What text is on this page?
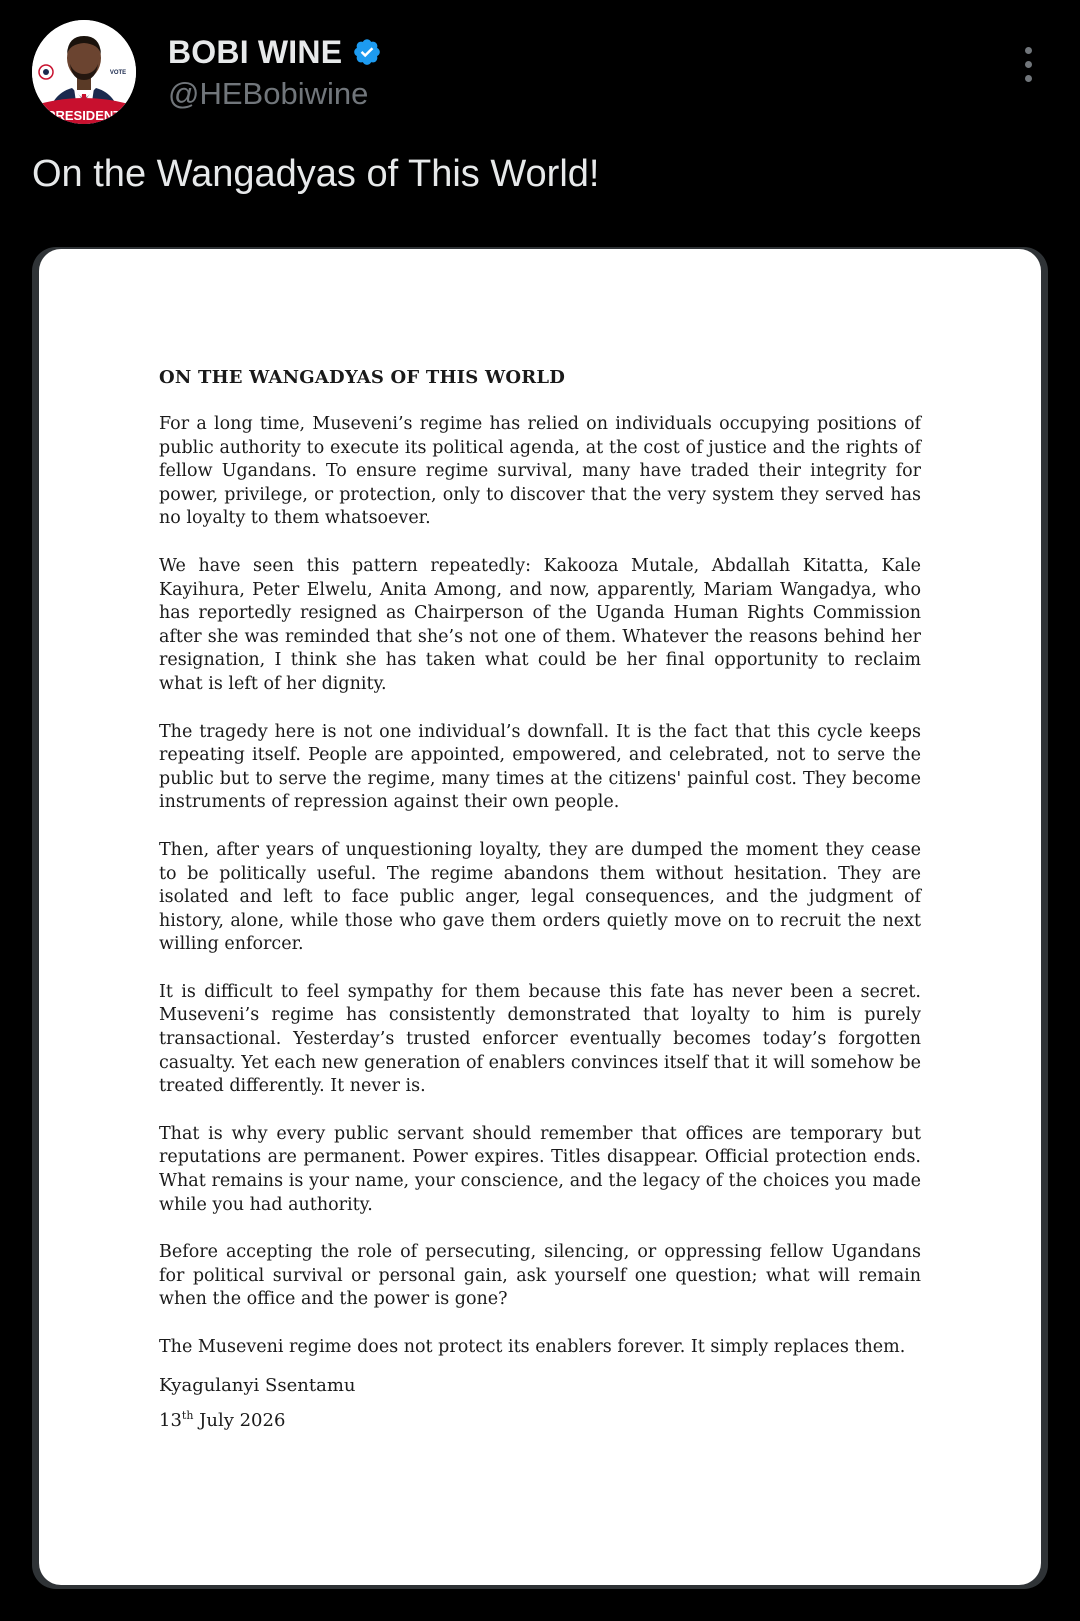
PRESIDENT
VOTE
BOBI WINE
@HEBobiwine
On the Wangadyas of This World!
ON THE WANGADYAS OF THIS WORLD

For a long time, Museveni’s regime has relied on individuals occupying positions of public authority to execute its political agenda, at the cost of justice and the rights of fellow Ugandans. To ensure regime survival, many have traded their integrity for power, privilege, or protection, only to discover that the very system they served has no loyalty to them whatsoever.

We have seen this pattern repeatedly: Kakooza Mutale, Abdallah Kitatta, Kale Kayihura, Peter Elwelu, Anita Among, and now, apparently, Mariam Wangadya, who has reportedly resigned as Chairperson of the Uganda Human Rights Commission after she was reminded that she’s not one of them. Whatever the reasons behind her resignation, I think she has taken what could be her final opportunity to reclaim what is left of her dignity.

The tragedy here is not one individual’s downfall. It is the fact that this cycle keeps repeating itself. People are appointed, empowered, and celebrated, not to serve the public but to serve the regime, many times at the citizens' painful cost. They become instruments of repression against their own people.

Then, after years of unquestioning loyalty, they are dumped the moment they cease to be politically useful. The regime abandons them without hesitation. They are isolated and left to face public anger, legal consequences, and the judgment of history, alone, while those who gave them orders quietly move on to recruit the next willing enforcer.

It is difficult to feel sympathy for them because this fate has never been a secret. Museveni’s regime has consistently demonstrated that loyalty to him is purely transactional. Yesterday’s trusted enforcer eventually becomes today’s forgotten casualty. Yet each new generation of enablers convinces itself that it will somehow be treated differently. It never is.

That is why every public servant should remember that offices are temporary but reputations are permanent. Power expires. Titles disappear. Official protection ends. What remains is your name, your conscience, and the legacy of the choices you made while you had authority.

Before accepting the role of persecuting, silencing, or oppressing fellow Ugandans for political survival or personal gain, ask yourself one question; what will remain when the office and the power is gone?

The Museveni regime does not protect its enablers forever. It simply replaces them.

Kyagulanyi Ssentamu

13th July 2026
